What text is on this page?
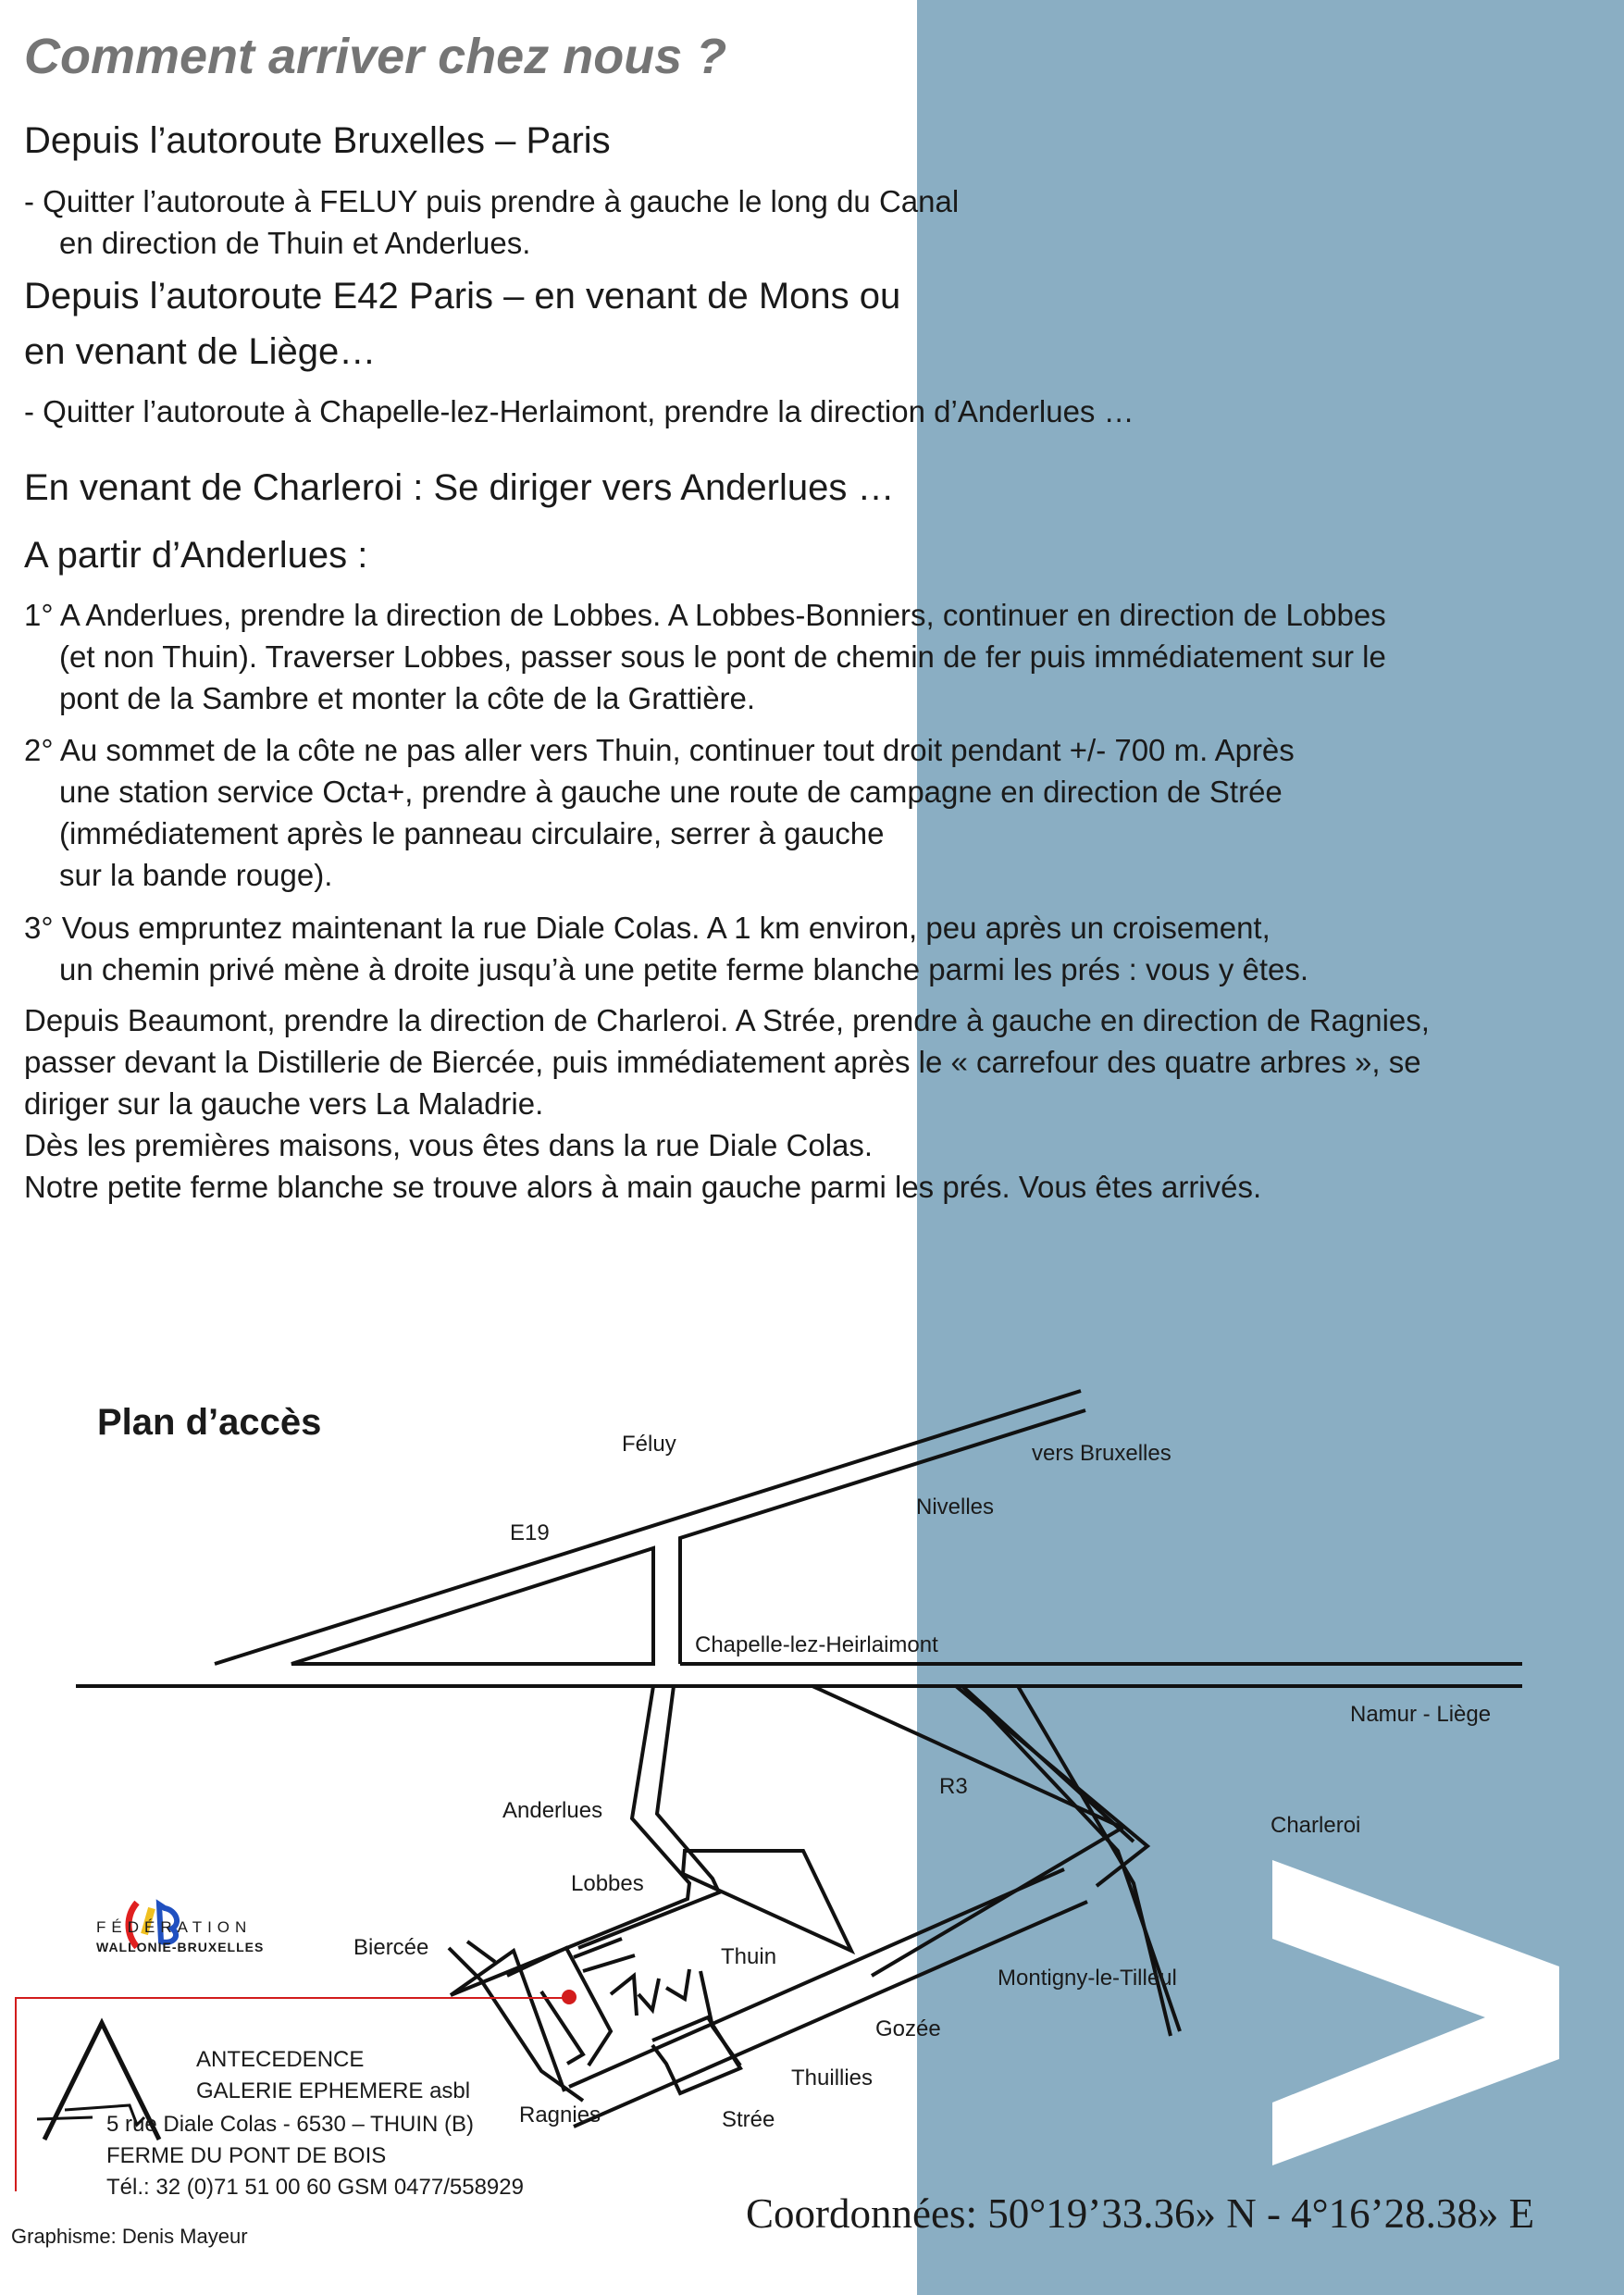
Comment arriver chez nous ?
Depuis l’autoroute Bruxelles – Paris

- Quitter l’autoroute à FELUY puis prendre à gauche le long du Canal
en direction de Thuin et Anderlues.

Depuis l’autoroute E42 Paris – en venant de Mons ou
en venant de Liège…

- Quitter l’autoroute à Chapelle-lez-Herlaimont, prendre la direction d’Anderlues …

En venant de Charleroi : Se diriger vers Anderlues …
A partir d’Anderlues :

1° A Anderlues, prendre la direction de Lobbes. A Lobbes-Bonniers, continuer en direction de Lobbes
(et non Thuin). Traverser Lobbes, passer sous le pont de chemin de fer puis immédiatement sur le
pont de la Sambre et monter la côte de la Grattière.

2° Au sommet de la côte ne pas aller vers Thuin, continuer tout droit pendant +/- 700 m. Après
une station service Octa+, prendre à gauche une route de campagne en direction de Strée
(immédiatement après le panneau circulaire, serrer à gauche
sur la bande rouge).

3° Vous empruntez maintenant la rue Diale Colas. A 1 km environ, peu après un croisement,
un chemin privé mène à droite jusqu’à une petite ferme blanche parmi les prés : vous y êtes.

Depuis Beaumont, prendre la direction de Charleroi. A Strée, prendre à gauche en direction de Ragnies,
passer devant la Distillerie de Biercée, puis immédiatement après le « carrefour des quatre arbres », se
diriger sur la gauche vers La Maladrie.
Dès les premières maisons, vous êtes dans la rue Diale Colas.
Notre petite ferme blanche se trouve alors à main gauche parmi les prés. Vous êtes arrivés.

Plan d’accès
Féluy	vers Bruxelles
Nivelles
E19
Chapelle-lez-Heirlaimont
Namur - Liège
R3
Anderlues
Charleroi
Lobbes
Biercée	Thuin
Montigny-le-Tilleul
Gozée
Thuillies
Ragnies	Strée
FÉDÉRATION
WALLONIE-BRUXELLES

ANTECEDENCE

GALERIE EPHEMERE asbl

5 rue Diale Colas - 6530 – THUIN (B)

FERME DU PONT DE BOIS

Tél.: 32 (0)71 51 00 60 GSM 0477/558929

Graphisme: Denis Mayeur	Coordonnées: 50°19’33.36» N - 4°16’28.38» E
